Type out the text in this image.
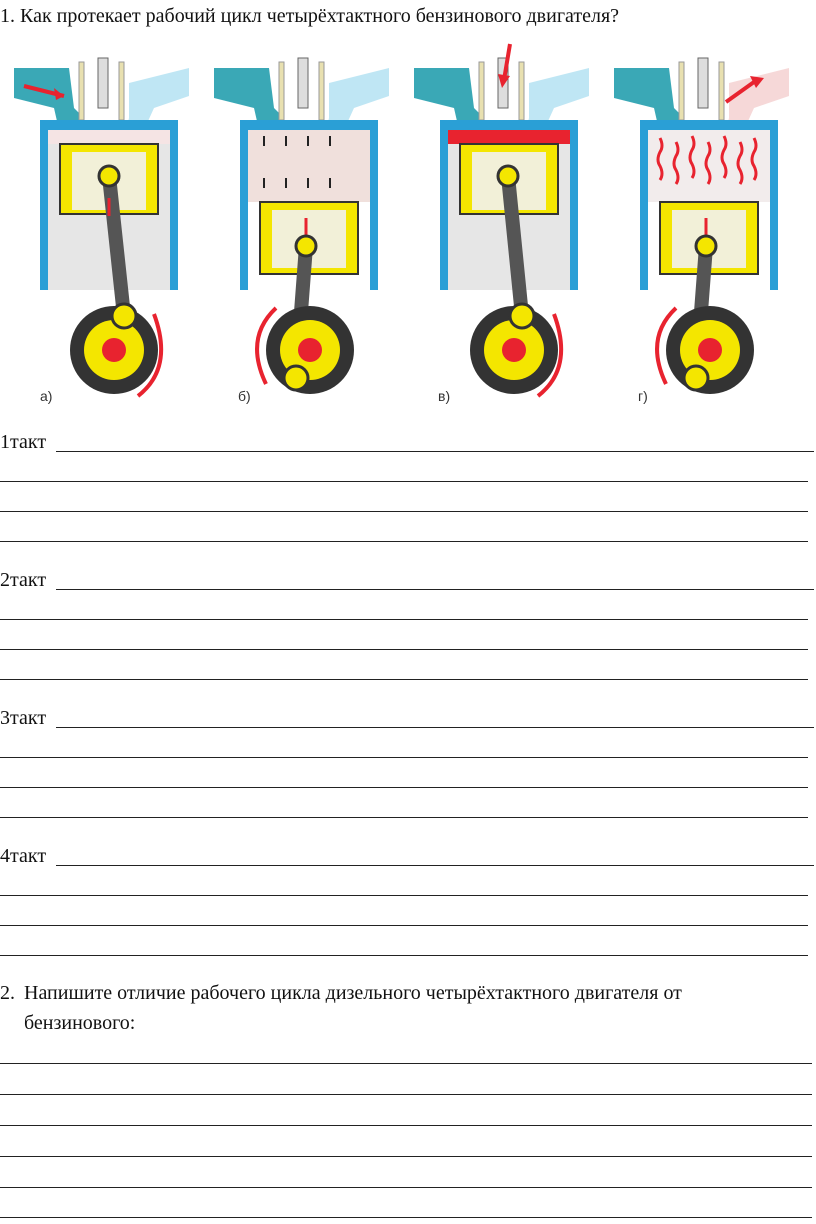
1. Как протекает рабочий цикл четырёхтактного бензинового двигателя?
а)	б)	в)	г)
1такт
2такт
3такт
4такт
2. Напишите отличие рабочего цикла дизельного четырёхтактного двигателя от
бензинового:
